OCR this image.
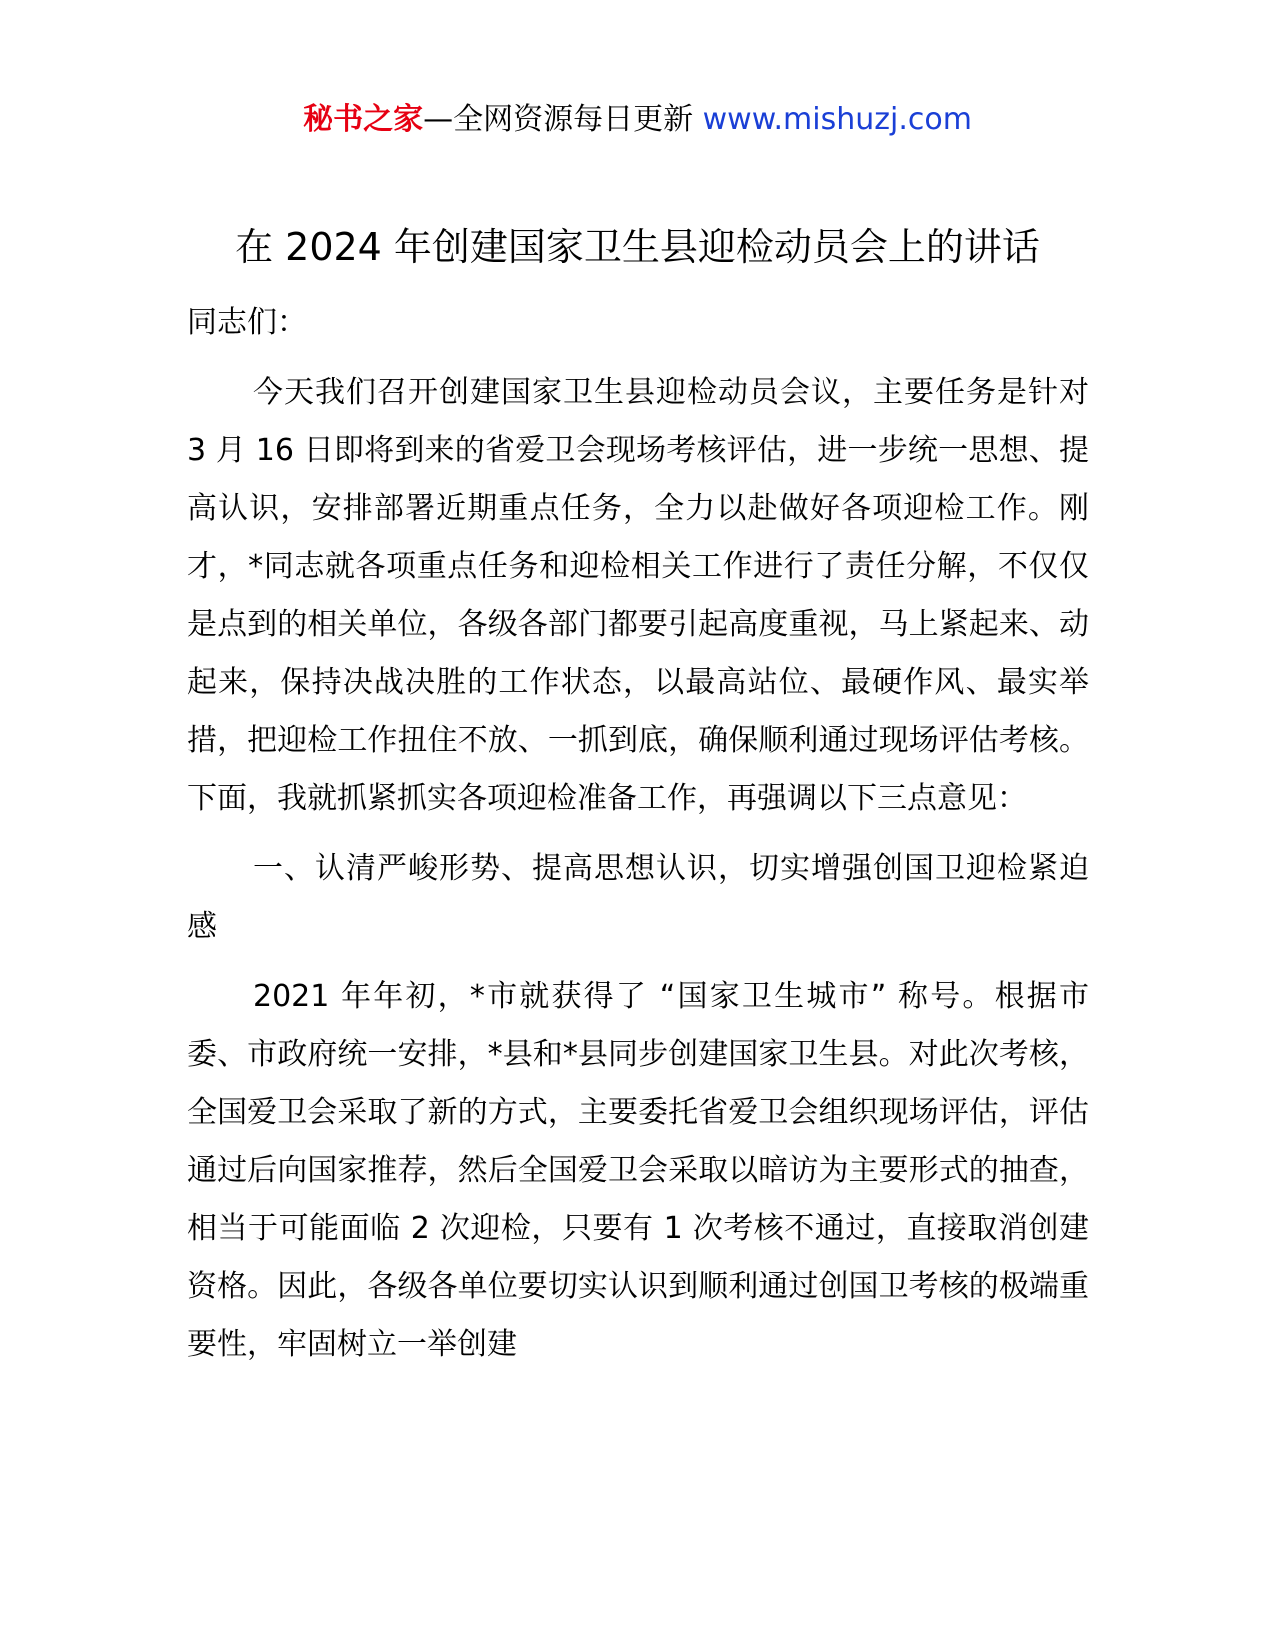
秘书之家—全网资源每日更新 www.mishuzj.com
在 2024 年创建国家卫生县迎检动员会上的讲话

同志们：

今天我们召开创建国家卫生县迎检动员会议，主要任务是针对 3 月 16 日即将到来的省爱卫会现场考核评估，进一步统一思想、提高认识，安排部署近期重点任务，全力以赴做好各项迎检工作。刚才，*同志就各项重点任务和迎检相关工作进行了责任分解，不仅仅是点到的相关单位，各级各部门都要引起高度重视，马上紧起来、动起来，保持决战决胜的工作状态，以最高站位、最硬作风、最实举措，把迎检工作扭住不放、一抓到底，确保顺利通过现场评估考核。下面，我就抓紧抓实各项迎检准备工作，再强调以下三点意见：

一、认清严峻形势、提高思想认识，切实增强创国卫迎检紧迫感

2021 年年初，*市就获得了 “国家卫生城市” 称号。根据市委、市政府统一安排，*县和*县同步创建国家卫生县。对此次考核，全国爱卫会采取了新的方式，主要委托省爱卫会组织现场评估，评估通过后向国家推荐，然后全国爱卫会采取以暗访为主要形式的抽查，相当于可能面临 2 次迎检，只要有 1 次考核不通过，直接取消创建资格。因此，各级各单位要切实认识到顺利通过创国卫考核的极端重要性，牢固树立一举创建
